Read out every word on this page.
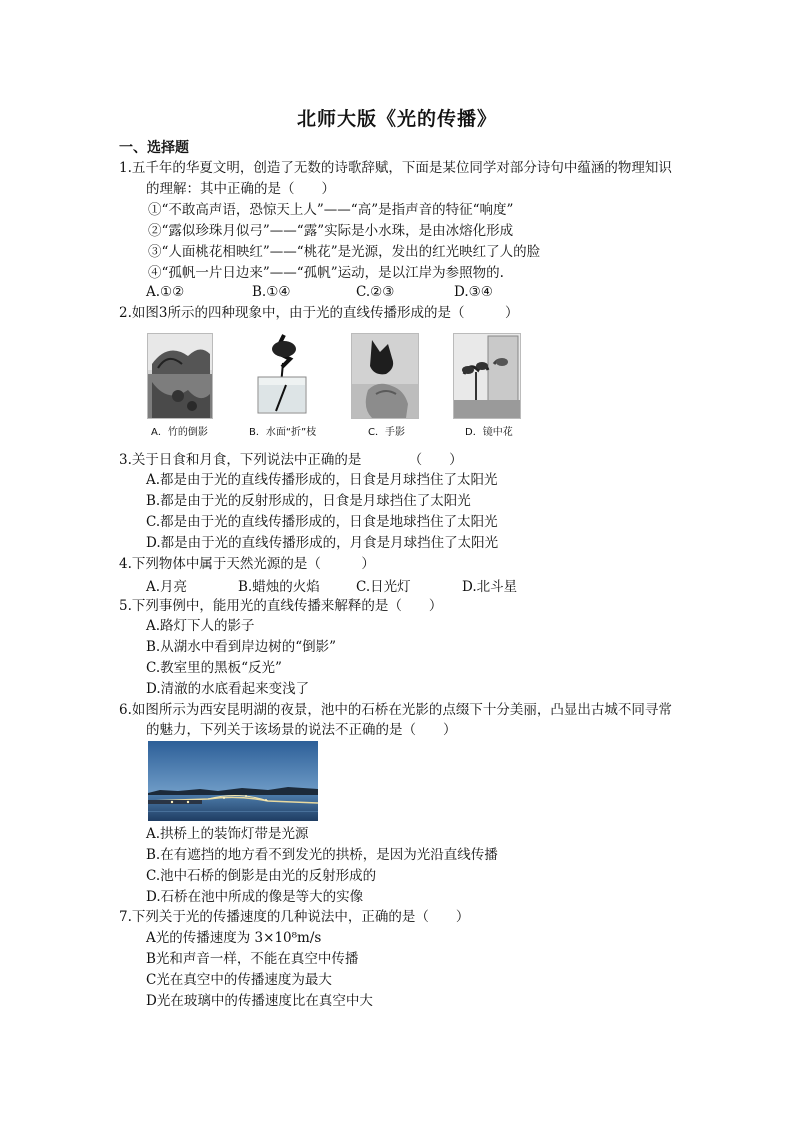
北师大版《光的传播》
一、选择题
1.五千年的华夏文明，创造了无数的诗歌辞赋，下面是某位同学对部分诗句中蕴涵的物理知识
的理解：其中正确的是（　　）
①“不敢高声语，恐惊天上人”——“高”是指声音的特征“响度”
②“露似珍珠月似弓”——“露”实际是小水珠，是由冰熔化形成
③“人面桃花相映红”——“桃花”是光源，发出的红光映红了人的脸
④“孤帆一片日边来”——“孤帆”运动，是以江岸为参照物的.
A.①②	B.①④	C.②③	D.③④
2.如图3所示的四种现象中，由于光的直线传播形成的是（　　　）
A．竹的倒影	B．水面“折”枝	C．手影	D．镜中花
3.关于日食和月食，下列说法中正确的是　　　　（　　）
A.都是由于光的直线传播形成的，日食是月球挡住了太阳光
B.都是由于光的反射形成的，日食是月球挡住了太阳光
C.都是由于光的直线传播形成的，日食是地球挡住了太阳光
D.都是由于光的直线传播形成的，月食是月球挡住了太阳光
4.下列物体中属于天然光源的是（　　　）
A.月亮	B.蜡烛的火焰	C.日光灯	D.北斗星
5.下列事例中，能用光的直线传播来解释的是（　　）
A.路灯下人的影子
B.从湖水中看到岸边树的“倒影”
C.教室里的黑板“反光”
D.清澈的水底看起来变浅了
6.如图所示为西安昆明湖的夜景，池中的石桥在光影的点缀下十分美丽，凸显出古城不同寻常
的魅力，下列关于该场景的说法不正确的是（　　）
A.拱桥上的装饰灯带是光源
B.在有遮挡的地方看不到发光的拱桥，是因为光沿直线传播
C.池中石桥的倒影是由光的反射形成的
D.石桥在池中所成的像是等大的实像
7.下列关于光的传播速度的几种说法中，正确的是（　　）
A光的传播速度为 3×10⁸m/s
B光和声音一样，不能在真空中传播
C光在真空中的传播速度为最大
D光在玻璃中的传播速度比在真空中大
